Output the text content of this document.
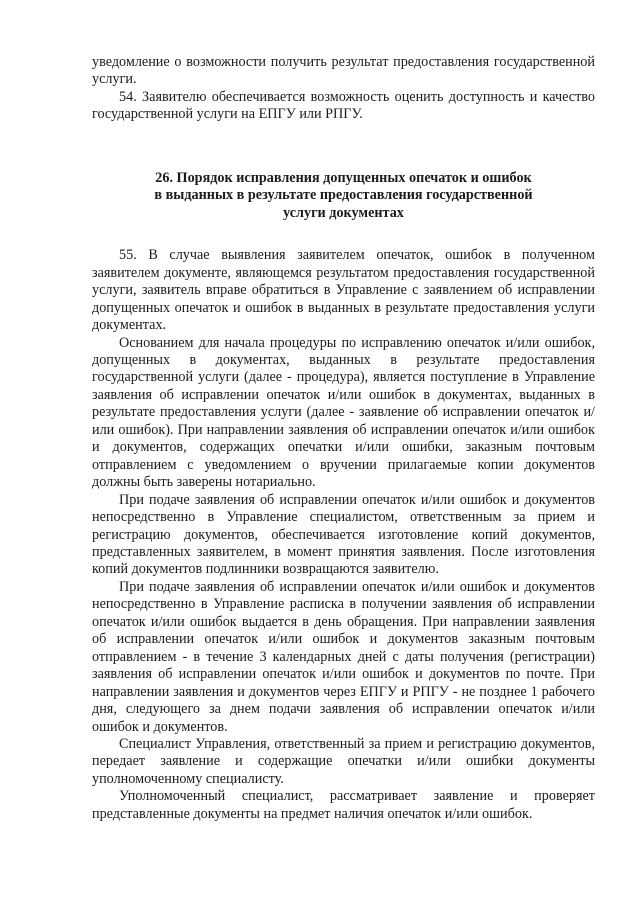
уведомление о возможности получить результат предоставления государственной услуги.

54. Заявителю обеспечивается возможность оценить доступность и качество государственной услуги на ЕПГУ или РПГУ.

26. Порядок исправления допущенных опечаток и ошибок
в выданных в результате предоставления государственной
услуги документах

55. В случае выявления заявителем опечаток, ошибок в полученном заявителем документе, являющемся результатом предоставления государственной услуги, заявитель вправе обратиться в Управление с заявлением об исправлении допущенных опечаток и ошибок в выданных в результате предоставления услуги документах.

Основанием для начала процедуры по исправлению опечаток и/или ошибок, допущенных в документах, выданных в результате предоставления государственной услуги (далее - процедура), является поступление в Управление заявления об исправлении опечаток и/или ошибок в документах, выданных в результате предоставления услуги (далее - заявление об исправлении опечаток и/или ошибок). При направлении заявления об исправлении опечаток и/или ошибок и документов, содержащих опечатки и/или ошибки, заказным почтовым отправлением с уведомлением о вручении прилагаемые копии документов должны быть заверены нотариально.

При подаче заявления об исправлении опечаток и/или ошибок и документов непосредственно в Управление специалистом, ответственным за прием и регистрацию документов, обеспечивается изготовление копий документов, представленных заявителем, в момент принятия заявления. После изготовления копий документов подлинники возвращаются заявителю.

При подаче заявления об исправлении опечаток и/или ошибок и документов непосредственно в Управление расписка в получении заявления об исправлении опечаток и/или ошибок выдается в день обращения. При направлении заявления об исправлении опечаток и/или ошибок и документов заказным почтовым отправлением - в течение 3 календарных дней с даты получения (регистрации) заявления об исправлении опечаток и/или ошибок и документов по почте. При направлении заявления и документов через ЕПГУ и РПГУ - не позднее 1 рабочего дня, следующего за днем подачи заявления об исправлении опечаток и/или ошибок и документов.

Специалист Управления, ответственный за прием и регистрацию документов, передает заявление и содержащие опечатки и/или ошибки документы уполномоченному специалисту.

Уполномоченный специалист, рассматривает заявление и проверяет представленные документы на предмет наличия опечаток и/или ошибок.
